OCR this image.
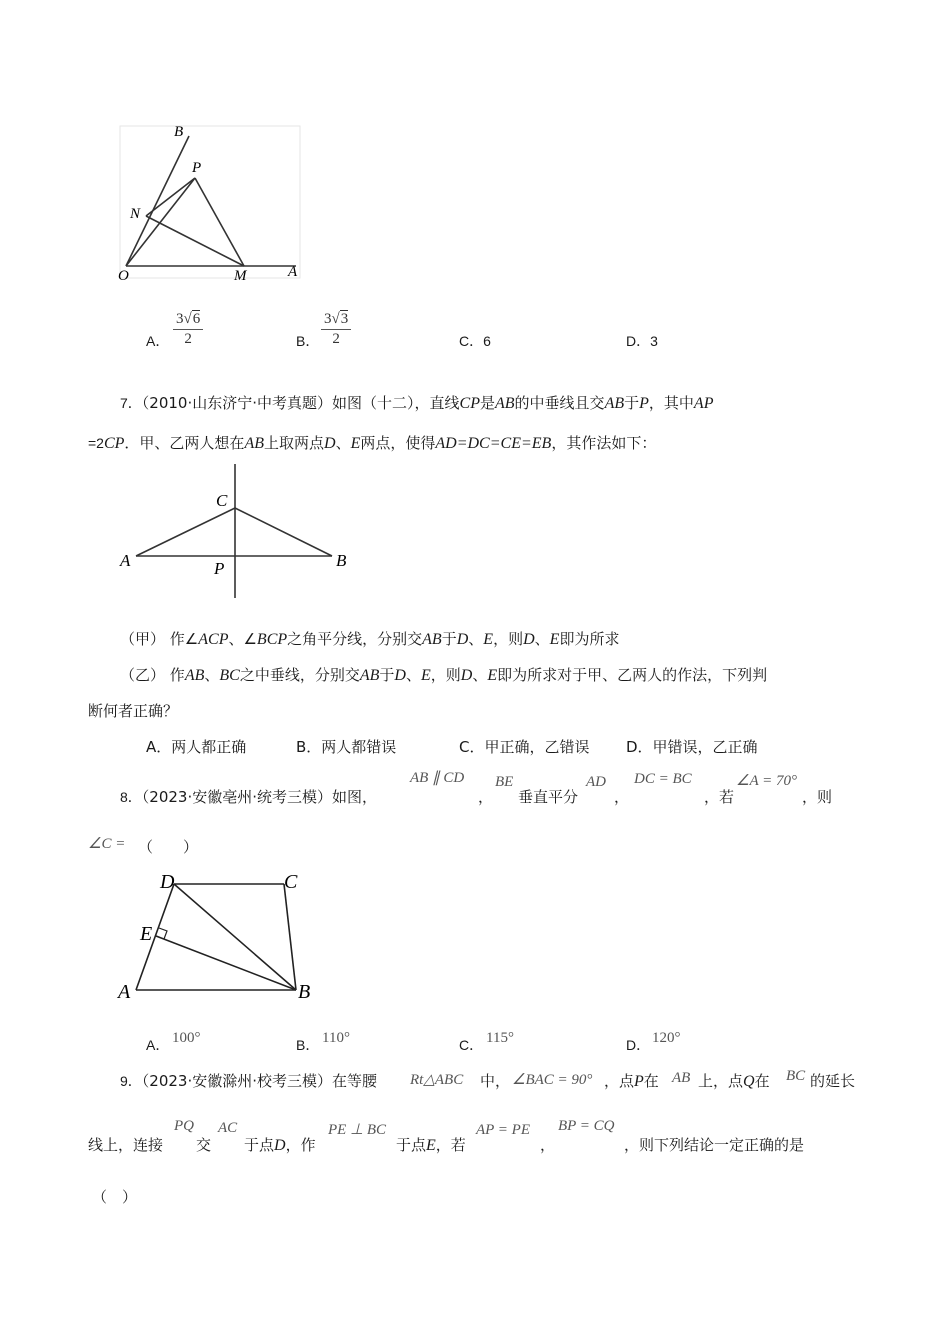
B
P
N
O	M	A
A． $\frac{3√6}{2}$	B． $\frac{3√3}{2}$	C．6	D．3
7．（2010·山东济宁·中考真题）如图（十二），直线CP是AB的中垂线且交AB于P，其中AP
=2CP．甲、乙两人想在AB上取两点D、E两点，使得AD=DC=CE=EB，其作法如下：
C
A	P	B
（甲） 作∠ACP、∠BCP之角平分线，分别交AB于D、E，则D、E即为所求
（乙） 作AB、BC之中垂线，分别交AB于D、E，则D、E即为所求对于甲、乙两人的作法，下列判
断何者正确？
A．两人都正确	B．两人都错误	C．甲正确，乙错误 D．甲错误，乙正确
8．（2023·安徽亳州·统考三模）如图，
AB ∥ CD
，
BE
垂直平分
AD
，
DC = BC
，若
∠A = 70°
，则
∠C = （　　）
D	C
E
A	B
A． 100°	B． 110°	C． 115°	D． 120°
9．（2023·安徽滁州·校考三模）在等腰 Rt△ABC 中， ∠BAC = 90° ，点P在 AB 上，点Q在 BC 的延长
线上，连接
PQ
交
AC
于点D，作
PE ⊥ BC
于点E，若
AP = PE
，
BP = CQ
，则下列结论一定正确的是
（　）
